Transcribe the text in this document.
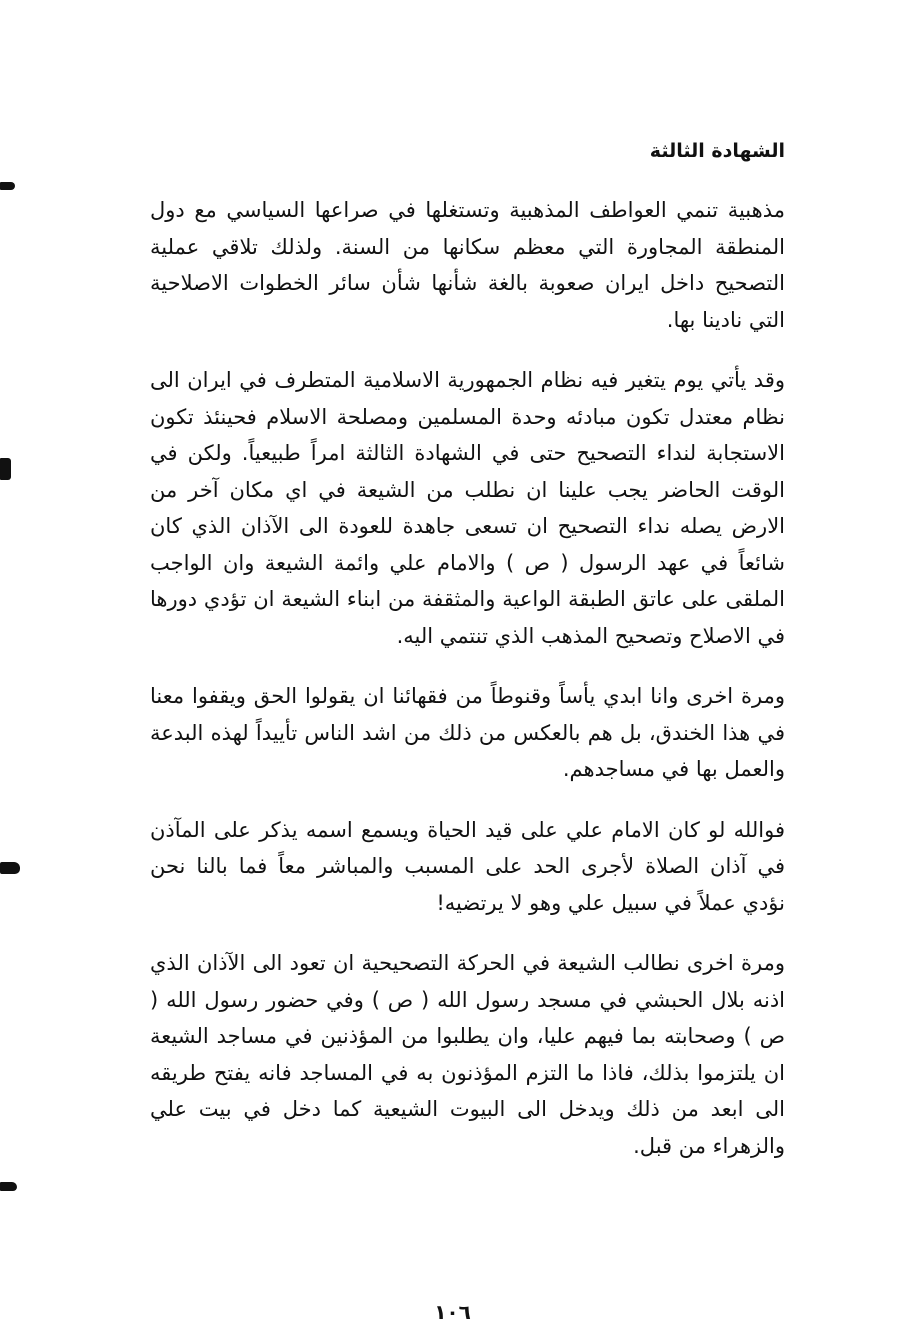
الشهادة الثالثة

مذهبية تنمي العواطف المذهبية وتستغلها في صراعها السياسي مع دول المنطقة المجاورة التي معظم سكانها من السنة. ولذلك تلاقي عملية التصحيح داخل ايران صعوبة بالغة شأنها شأن سائر الخطوات الاصلاحية التي نادينا بها.

وقد يأتي يوم يتغير فيه نظام الجمهورية الاسلامية المتطرف في ايران الى نظام معتدل تكون مبادئه وحدة المسلمين ومصلحة الاسلام فحينئذ تكون الاستجابة لنداء التصحيح حتى في الشهادة الثالثة امراً طبيعياً. ولكن في الوقت الحاضر يجب علينا ان نطلب من الشيعة في اي مكان آخر من الارض يصله نداء التصحيح ان تسعى جاهدة للعودة الى الآذان الذي كان شائعاً في عهد الرسول ( ص ) والامام علي وائمة الشيعة وان الواجب الملقى على عاتق الطبقة الواعية والمثقفة من ابناء الشيعة ان تؤدي دورها في الاصلاح وتصحيح المذهب الذي تنتمي اليه.

ومرة اخرى وانا ابدي يأساً وقنوطاً من فقهائنا ان يقولوا الحق ويقفوا معنا في هذا الخندق، بل هم بالعكس من ذلك من اشد الناس تأييداً لهذه البدعة والعمل بها في مساجدهم.

فوالله لو كان الامام علي على قيد الحياة ويسمع اسمه يذكر على المآذن في آذان الصلاة لأجرى الحد على المسبب والمباشر معاً فما بالنا نحن نؤدي عملاً في سبيل علي وهو لا يرتضيه!

ومرة اخرى نطالب الشيعة في الحركة التصحيحية ان تعود الى الآذان الذي اذنه بلال الحبشي في مسجد رسول الله ( ص ) وفي حضور رسول الله ( ص ) وصحابته بما فيهم عليا، وان يطلبوا من المؤذنين في مساجد الشيعة ان يلتزموا بذلك، فاذا ما التزم المؤذنون به في المساجد فانه يفتح طريقه الى ابعد من ذلك ويدخل الى البيوت الشيعية كما دخل في بيت علي والزهراء من قبل.

١٠٦
